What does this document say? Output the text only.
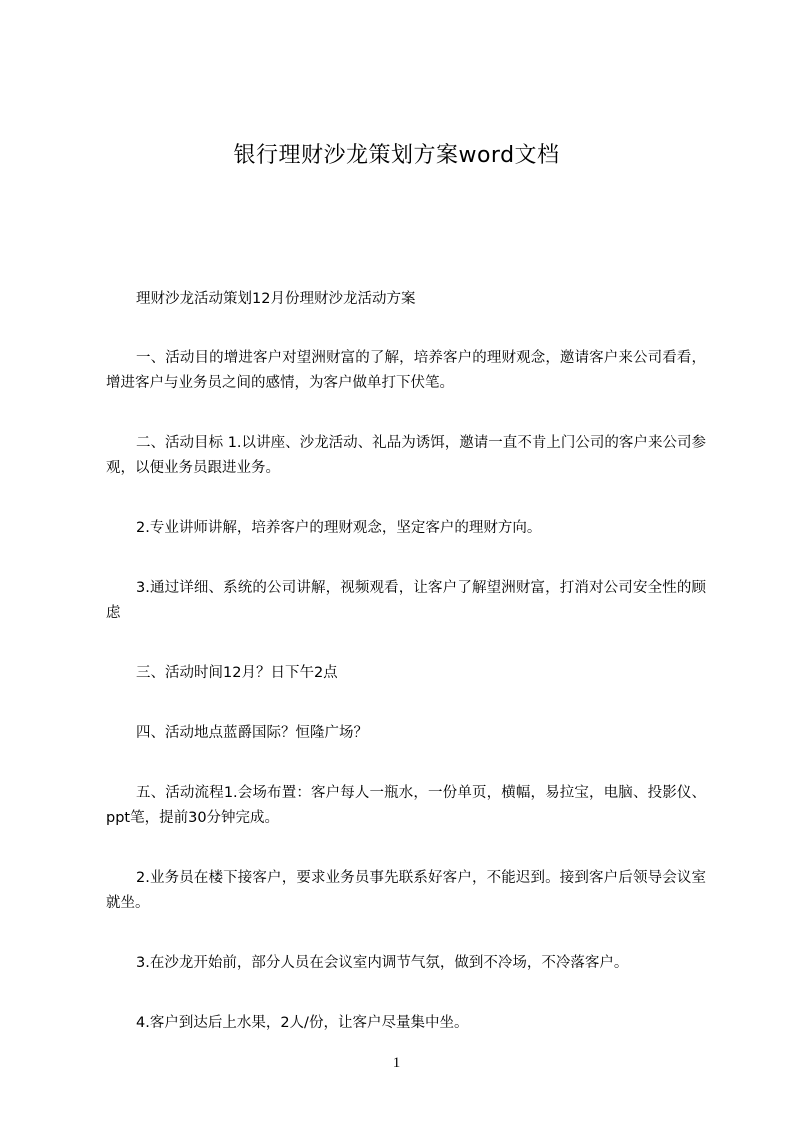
银行理财沙龙策划方案word文档

理财沙龙活动策划12月份理财沙龙活动方案

一、活动目的增进客户对望洲财富的了解，培养客户的理财观念，邀请客户来公司看看，增进客户与业务员之间的感情，为客户做单打下伏笔。

二、活动目标 1.以讲座、沙龙活动、礼品为诱饵，邀请一直不肯上门公司的客户来公司参观，以便业务员跟进业务。

2.专业讲师讲解，培养客户的理财观念，坚定客户的理财方向。

3.通过详细、系统的公司讲解，视频观看，让客户了解望洲财富，打消对公司安全性的顾虑

三、活动时间12月？日下午2点

四、活动地点蓝爵国际？恒隆广场？

五、活动流程1.会场布置：客户每人一瓶水，一份单页，横幅，易拉宝，电脑、投影仪、ppt笔，提前30分钟完成。

2.业务员在楼下接客户，要求业务员事先联系好客户，不能迟到。接到客户后领导会议室就坐。

3.在沙龙开始前，部分人员在会议室内调节气氛，做到不冷场，不冷落客户。

4.客户到达后上水果，2人/份，让客户尽量集中坐。

1
